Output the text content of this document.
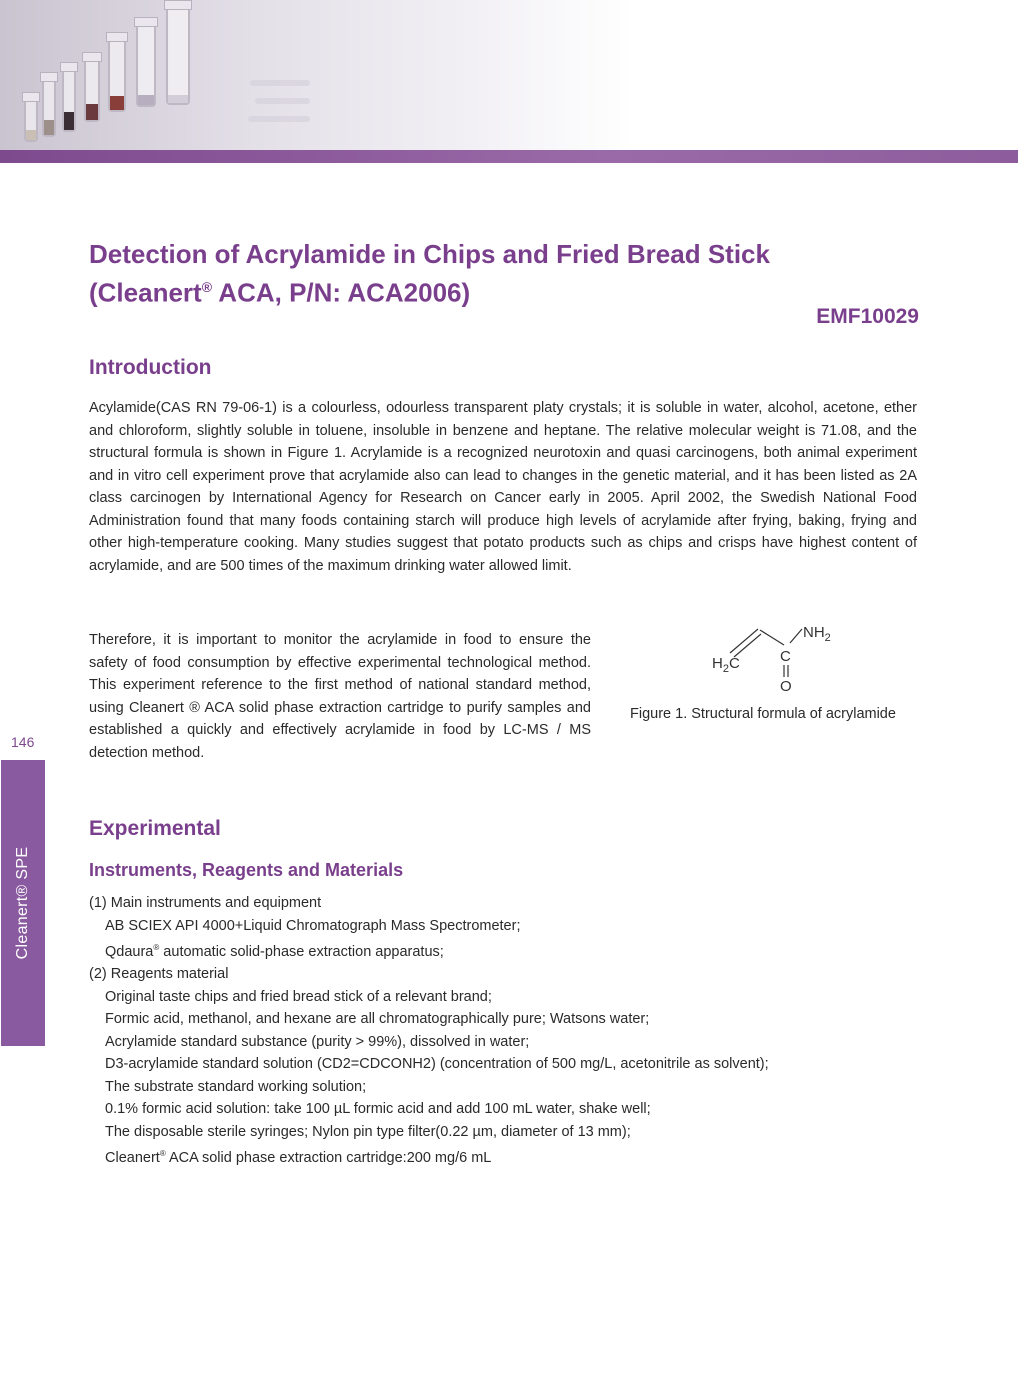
146
Cleanert® SPE
Detection of Acrylamide in Chips and Fried Bread Stick
(Cleanert® ACA, P/N: ACA2006)
EMF10029
Introduction

Acylamide(CAS RN 79-06-1) is a colourless, odourless transparent platy crystals; it is soluble in water, alcohol, acetone, ether and chloroform, slightly soluble in toluene, insoluble in benzene and heptane. The relative molecular weight is 71.08, and the structural formula is shown in Figure 1. Acrylamide is a recognized neurotoxin and quasi carcinogens, both animal experiment and in vitro cell experiment prove that acrylamide also can lead to changes in the genetic material, and it has been listed as 2A class carcinogen by International Agency for Research on Cancer early in 2005. April 2002, the Swedish National Food Administration found that many foods containing starch will produce high levels of acrylamide after frying, baking, frying and other high-temperature cooking. Many studies suggest that potato products such as chips and crisps have highest content of acrylamide, and are 500 times of the maximum drinking water allowed limit.

Therefore, it is important to monitor the acrylamide in food to ensure the safety of food consumption by effective experimental technological method. This experiment reference to the first method of national standard method, using Cleanert ® ACA solid phase extraction cartridge to purify samples and established a quickly and effectively acrylamide in food by LC-MS / MS detection method.

$NH_2$
C
O
$H_2C$

Figure 1. Structural formula of acrylamide

Experimental
Instruments, Reagents and Materials
(1) Main instruments and equipment
AB SCIEX API 4000+Liquid Chromatograph Mass Spectrometer;
Qdaura® automatic solid-phase extraction apparatus;
(2) Reagents material
Original taste chips and fried bread stick of a relevant brand;
Formic acid, methanol, and hexane are all chromatographically pure; Watsons water;
Acrylamide standard substance (purity > 99%), dissolved in water;
D3-acrylamide standard solution (CD2=CDCONH2) (concentration of 500 mg/L, acetonitrile as solvent);
The substrate standard working solution;
0.1% formic acid solution: take 100 µL formic acid and add 100 mL water, shake well;
The disposable sterile syringes; Nylon pin type filter(0.22 µm, diameter of 13 mm);
Cleanert® ACA solid phase extraction cartridge:200 mg/6 mL
